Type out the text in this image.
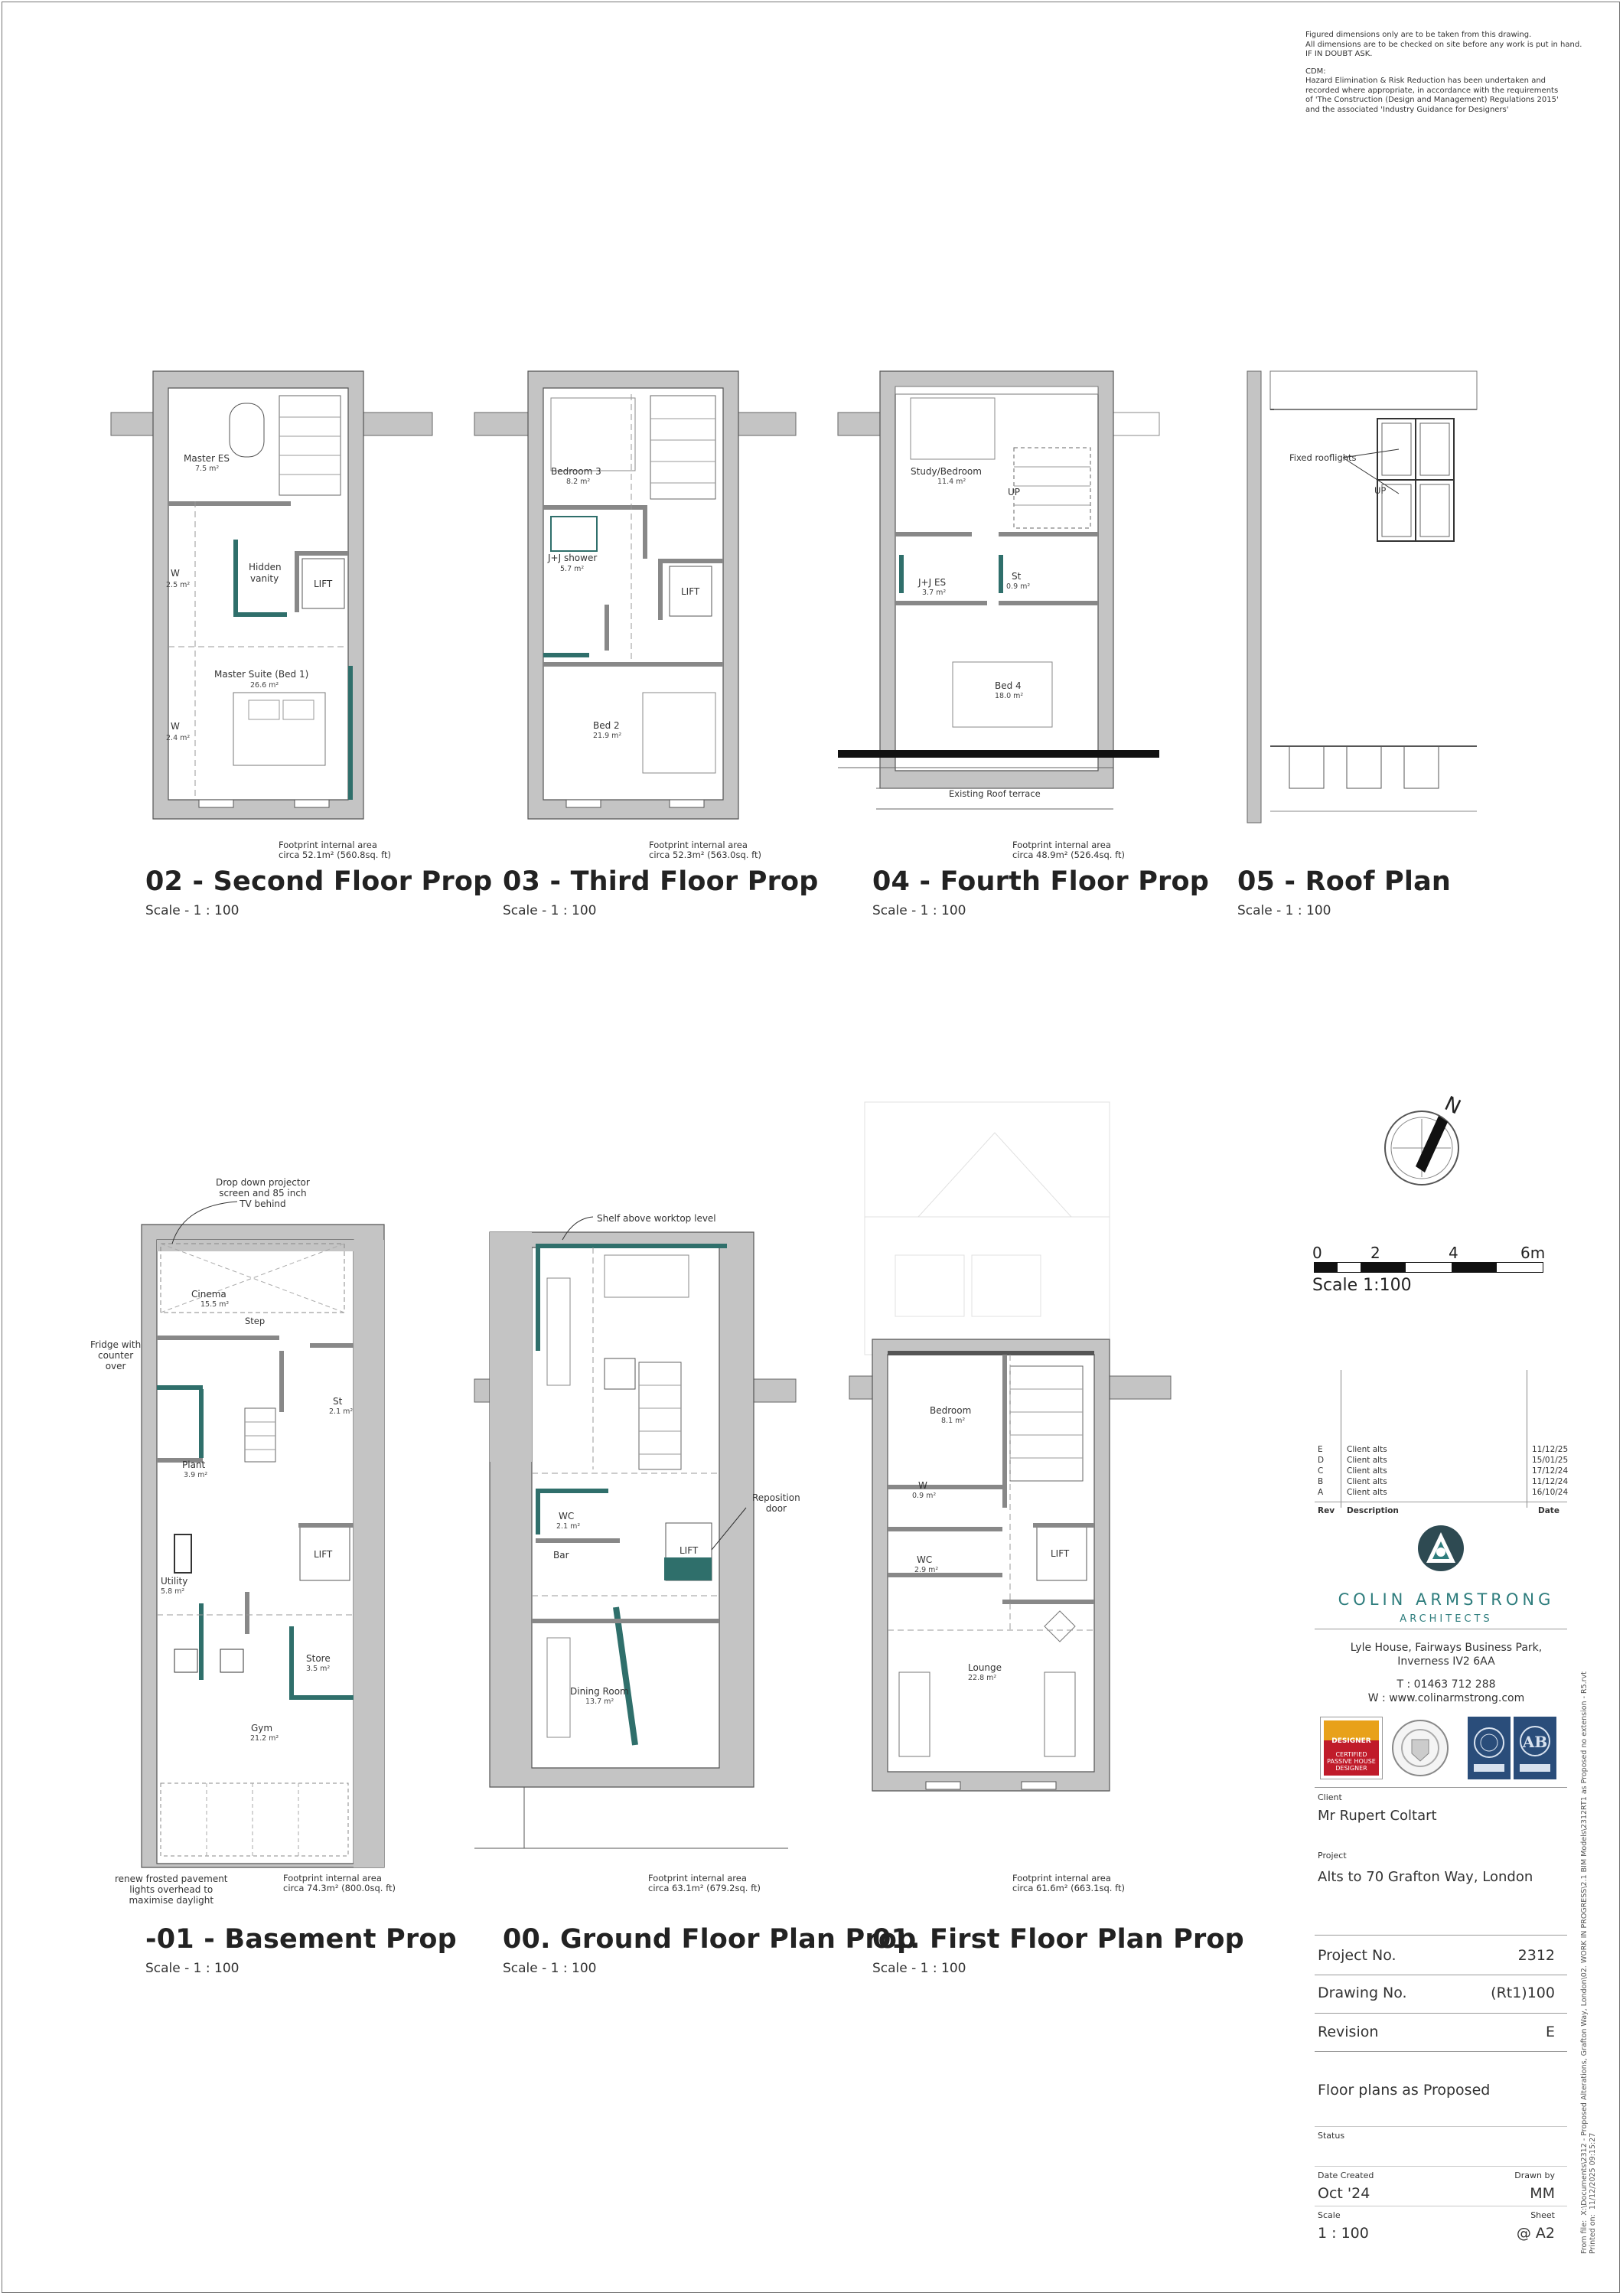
Figured dimensions only are to be taken from this drawing.

All dimensions are to be checked on site before any work is put in hand.

IF IN DOUBT ASK.

CDM:

Hazard Elimination & Risk Reduction has been undertaken and

recorded where appropriate, in accordance with the requirements

of 'The Construction (Design and Management) Regulations 2015'

and the associated 'Industry Guidance for Designers'

Master ES
7.5 m²
W
2.5 m²
Hidden
vanity	LIFT
Master Suite (Bed 1)
26.6 m²
W
2.4 m²
Footprint internal area
circa 52.1m² (560.8sq. ft)
02 - Second Floor Prop
Scale - 1 : 100
Bedroom 3
8.2 m²
J+J shower
5.7 m²
LIFT
Bed 2
21.9 m²
Footprint internal area
circa 52.3m² (563.0sq. ft)
03 - Third Floor Prop
Scale - 1 : 100
Study/Bedroom
11.4 m²
UP
J+J ES
3.7 m²
St
0.9 m²
Bed 4
18.0 m²
Existing Roof terrace
Footprint internal area
circa 48.9m² (526.4sq. ft)
04 - Fourth Floor Prop
Scale - 1 : 100
Fixed rooflights
UP
05 - Roof Plan
Scale - 1 : 100
Cinema
15.5 m²
Step
St
2.1 m²
Plant
3.9 m²
LIFT
Utility
5.8 m²
Store
3.5 m²
Gym
21.2 m²
Drop down projector
screen and 85 inch
TV behind
Fridge with
counter
over
renew frosted pavement
lights overhead to
maximise daylight
Footprint internal area
circa 74.3m² (800.0sq. ft)
-01 - Basement Prop
Scale - 1 : 100
WC
2.1 m²
Bar	LIFT
Dining Room
13.7 m²
Shelf above worktop level
Reposition
door
Footprint internal area
circa 63.1m² (679.2sq. ft)
00. Ground Floor Plan Prop
Scale - 1 : 100
Bedroom
8.1 m²
W
0.9 m²
WC
2.9 m²
LIFT
Lounge
22.8 m²
Footprint internal area
circa 61.6m² (663.1sq. ft)
01. First Floor Plan Prop
Scale - 1 : 100
N
0	2	4	6m
Scale 1:100
E	Client alts	11/12/25
D	Client alts	15/01/25
C	Client alts	17/12/24
B	Client alts	11/12/24
A	Client alts	16/10/24
Rev Description	Date
COLIN ARMSTRONG
ARCHITECTS
Lyle House, Fairways Business Park,
Inverness IV2 6AA
T : 01463 712 288
W : www.colinarmstrong.com
DESIGNER
CERTIFIED
PASSIVE HOUSE
DESIGNER
AB
Client
Mr Rupert Coltart
Project
Alts to 70 Grafton Way, London
Project No.	2312
Drawing No.	(Rt1)100
Revision	E
Floor plans as Proposed
Status
Date Created	Drawn by
Oct '24	MM
Scale	Sheet
1 : 100	@ A2	From file:  X:\Documents\2312 - Proposed Alterations, Grafton Way, London\02. WORK IN PROGRESS\2.1 BIM Models\2312RT1 as Proposed no extension - R5.rvt
Printed on:  11/12/2025 09:15:27
